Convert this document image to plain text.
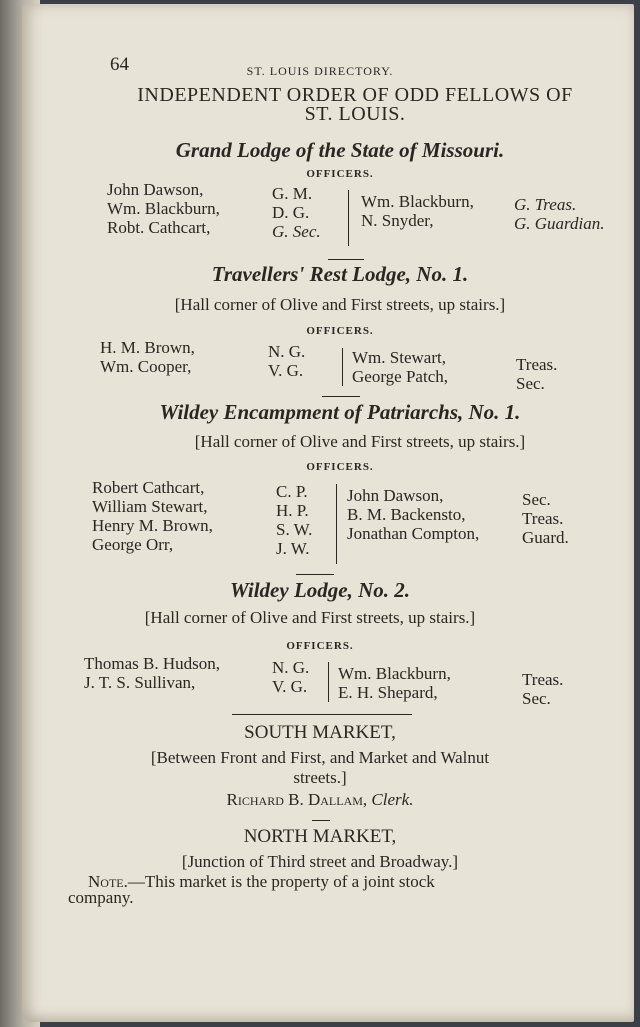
64	ST. LOUIS DIRECTORY.
INDEPENDENT ORDER OF ODD FELLOWS OF
ST. LOUIS.
Grand Lodge of the State of Missouri.
OFFICERS.
John Dawson,
Wm. Blackburn,
Robt. Cathcart,
G. M.
D. G.
G. Sec.
Wm. Blackburn,
N. Snyder,
G. Treas.
G. Guardian.
Travellers' Rest Lodge, No. 1.
[Hall corner of Olive and First streets, up stairs.]
OFFICERS.
H. M. Brown,
Wm. Cooper,
N. G.
V. G.
Wm. Stewart,
George Patch,
Treas.
Sec.
Wildey Encampment of Patriarchs, No. 1.
[Hall corner of Olive and First streets, up stairs.]
OFFICERS.
Robert Cathcart,
William Stewart,
Henry M. Brown,
George Orr,
C. P.
H. P.
S. W.
J. W.
John Dawson,
B. M. Backensto,
Jonathan Compton,
Sec.
Treas.
Guard.
Wildey Lodge, No. 2.
[Hall corner of Olive and First streets, up stairs.]
OFFICERS.
Thomas B. Hudson,
J. T. S. Sullivan,
N. G.
V. G.
Wm. Blackburn,
E. H. Shepard,
Treas.
Sec.
SOUTH MARKET,
[Between Front and First, and Market and Walnut
streets.]
Richard B. Dallam, Clerk.
NORTH MARKET,
[Junction of Third street and Broadway.]
Note.—This market is the property of a joint stock
company.
